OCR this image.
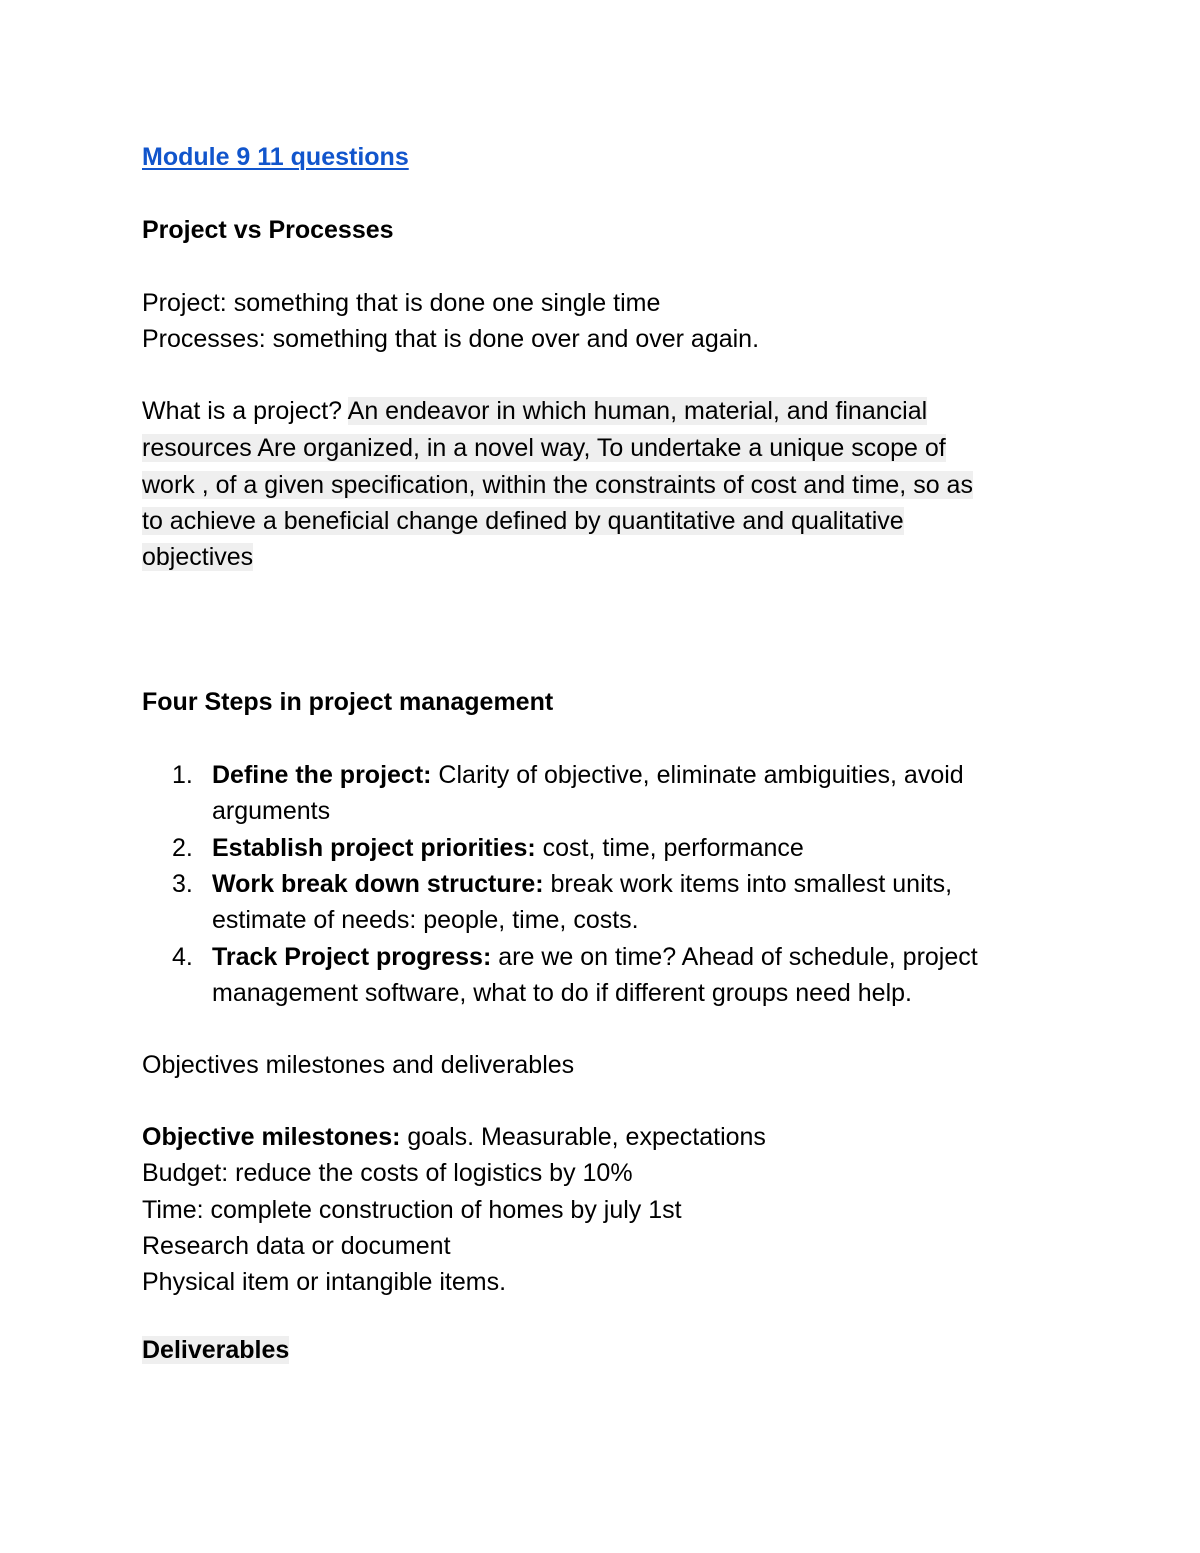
Module 9 11 questions
Project vs Processes
Project: something that is done one single time
Processes: something that is done over and over again.
What is a project? An endeavor in which human, material, and financial
resources Are organized, in a novel way, To undertake a unique scope of
work , of a given specification, within the constraints of cost and time, so as
to achieve a beneficial change defined by quantitative and qualitative
objectives
Four Steps in project management
1. Define the project: Clarity of objective, eliminate ambiguities, avoid
arguments
2. Establish project priorities: cost, time, performance
3. Work break down structure: break work items into smallest units,
estimate of needs: people, time, costs.
4. Track Project progress: are we on time? Ahead of schedule, project
management software, what to do if different groups need help.
Objectives milestones and deliverables
Objective milestones: goals. Measurable, expectations
Budget: reduce the costs of logistics by 10%
Time: complete construction of homes by july 1st
Research data or document
Physical item or intangible items.
Deliverables
